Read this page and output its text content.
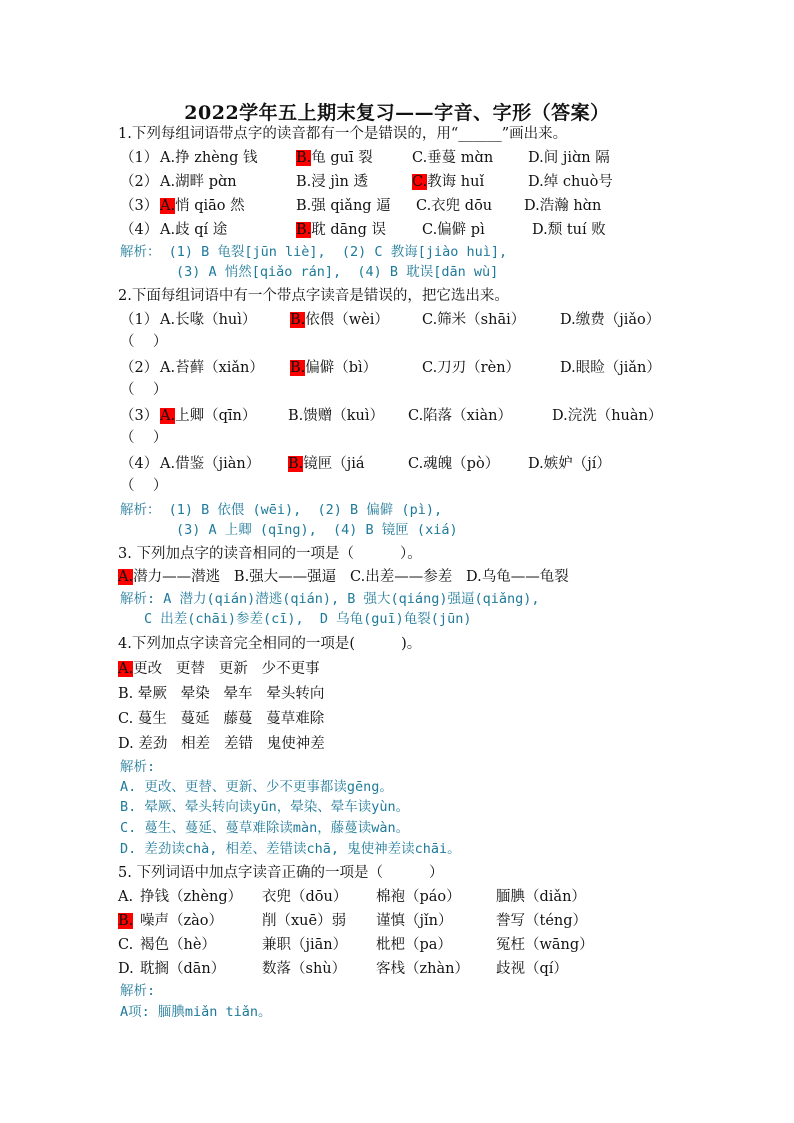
2022学年五上期末复习——字音、字形（答案）
1.下列每组词语带点字的读音都有一个是错误的，用“______”画出来。
（1） A.挣 zhèng 钱	B.龟 guī 裂	C.垂蔓 mɑ̀n D.间 jiɑ̀n 隔
（2） A.湖畔 pɑ̀n	B.浸 jìn 透	C.教诲 huǐ	D.绰 chuò号
（3） A.悄 qiāo 然	B.强 qiǎng 逼 C.衣兜 dōu D.浩瀚 hɑ̀n
（4） A.歧 qí 途	B.耽 dāng 误 C.偏僻 pì	D.颓 tuí 败
解析： (1) B 龟裂[jūn liè],  (2) C 教诲[jiào huì],
(3) A 悄然[qiǎo rán],  (4) B 耽误[dān wù]
2.下面每组词语中有一个带点字读音是错误的，把它选出来。
（1） A.长喙（huì） B.依偎（wèi） C.筛米（shāi） D.缴费（jiǎo）
（    ）
（2） A.苔藓（xiǎn） B.偏僻（bì）	C.刀刃（rèn）	D.眼睑（jiǎn）
（    ）
（3） A.上卿（qīn） B.馈赠（kuì） C.陷落（xiàn）	D.浣洗（huàn）
（    ）
（4） A.借鉴（jiàn） B.镜匣（jiá	C.魂魄（pò） D.嫉妒（jí）
（    ）
解析： (1) B 依偎 (wēi),  (2) B 偏僻 (pì),
(3) A 上卿 (qīng),  (4) B 镜匣 (xiá)
3. 下列加点字的读音相同的一项是（          ）。
A.潜力——潜逃   B.强大——强逼   C.出差——参差   D.乌龟——龟裂
解析: A 潜力(qián)潜逃(qián), B 强大(qiáng)强逼(qiǎng),
C 出差(chāi)参差(cī),  D 乌龟(guī)龟裂(jūn)
4.下列加点字读音完全相同的一项是(          )。
A.更改   更替   更新   少不更事
B. 晕厥   晕染   晕车   晕头转向
C. 蔓生   蔓延   藤蔓   蔓草难除
D. 差劲   相差   差错   鬼使神差
解析:
A. 更改、更替、更新、少不更事都读gēng。
B. 晕厥、晕头转向读yūn，晕染、晕车读yùn。
C. 蔓生、蔓延、蔓草难除读màn，藤蔓读wàn。
D. 差劲读chà, 相差、差错读chā, 鬼使神差读chāi。
5. 下列词语中加点字读音正确的一项是（          ）
A. 挣钱（zhèng） 衣兜（dōu） 棉袍（páo） 腼腆（diǎn）
B. 噪声（zào）	削（xuē）弱 谨慎（jǐn）	誊写（téng）
C. 褐色（hè）	兼职（jiān） 枇杷（pa）	冤枉（wāng）
D. 耽搁（dān）	数落（shù） 客栈（zhàn） 歧视（qí）
解析:
A项: 腼腆miǎn tiǎn。
